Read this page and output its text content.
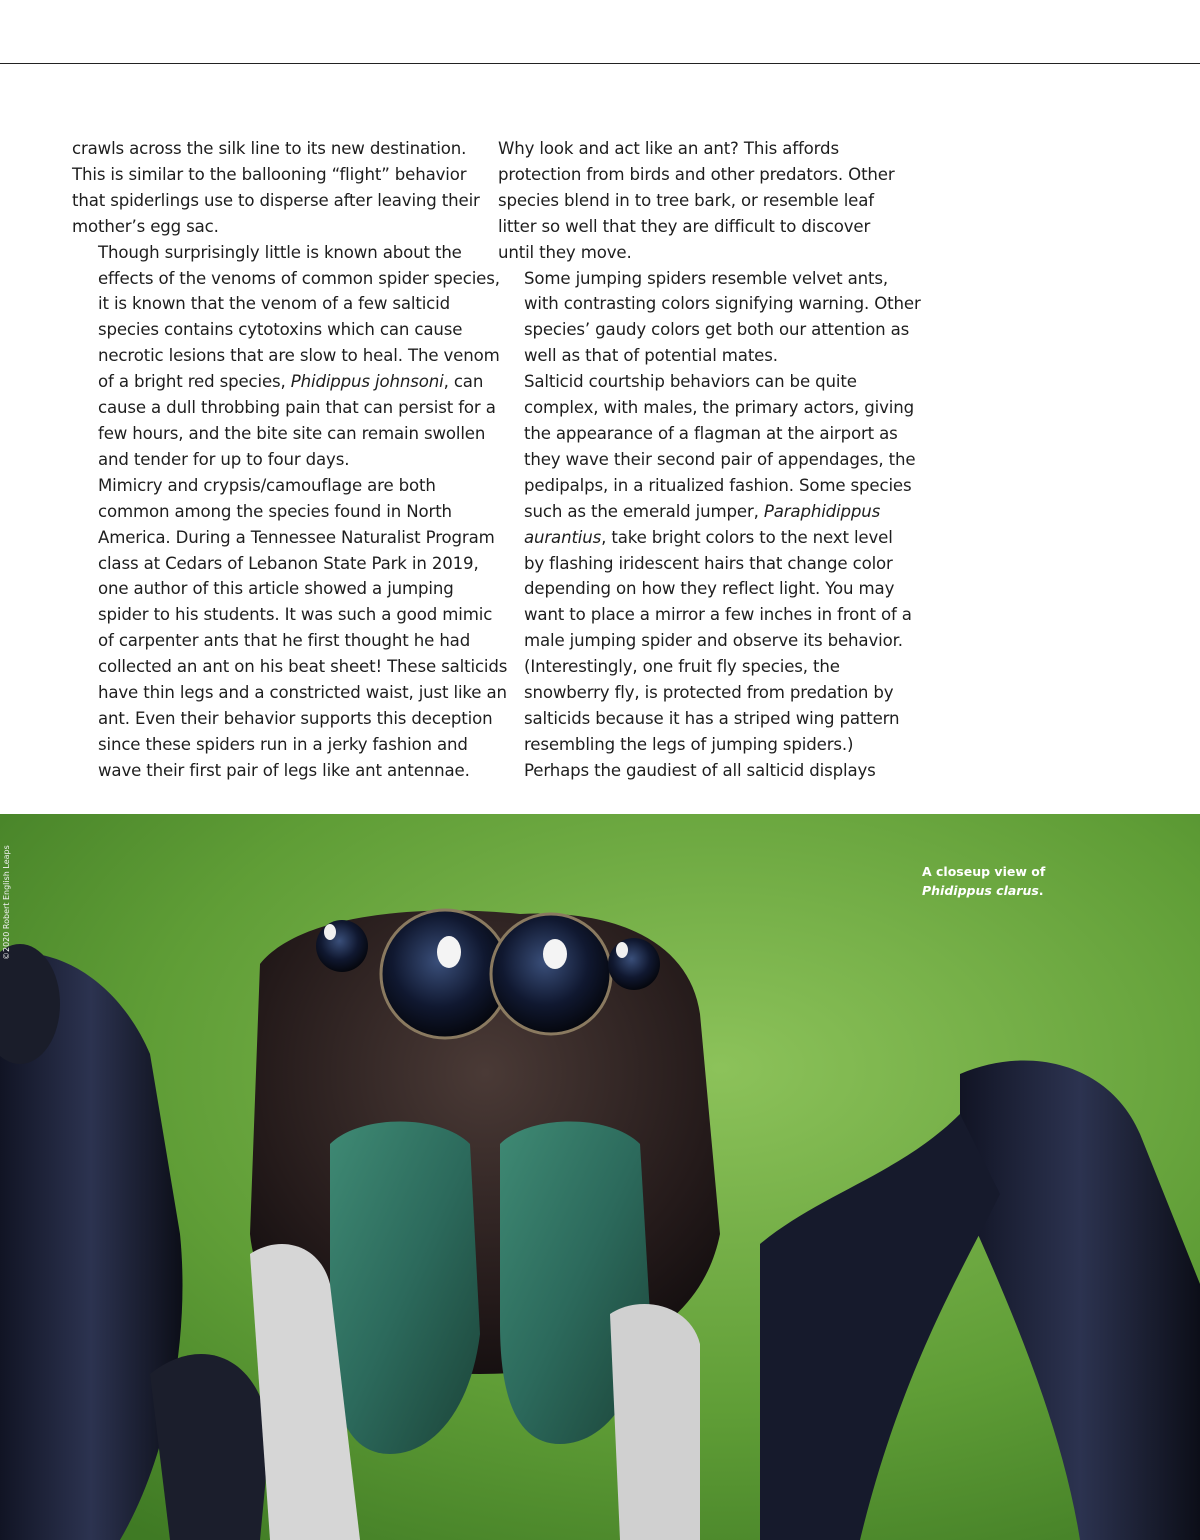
crawls across the silk line to its new destination.
This is similar to the ballooning “flight” behavior
that spiderlings use to disperse after leaving their
mother’s egg sac.

Though surprisingly little is known about the
effects of the venoms of common spider species,
it is known that the venom of a few salticid
species contains cytotoxins which can cause
necrotic lesions that are slow to heal. The venom
of a bright red species, Phidippus johnsoni, can
cause a dull throbbing pain that can persist for a
few hours, and the bite site can remain swollen
and tender for up to four days.

Mimicry and crypsis/camouflage are both
common among the species found in North
America. During a Tennessee Naturalist Program
class at Cedars of Lebanon State Park in 2019,
one author of this article showed a jumping
spider to his students. It was such a good mimic
of carpenter ants that he first thought he had
collected an ant on his beat sheet! These salticids
have thin legs and a constricted waist, just like an
ant. Even their behavior supports this deception
since these spiders run in a jerky fashion and
wave their first pair of legs like ant antennae.

Why look and act like an ant? This affords
protection from birds and other predators. Other
species blend in to tree bark, or resemble leaf
litter so well that they are difficult to discover
until they move.

Some jumping spiders resemble velvet ants,
with contrasting colors signifying warning. Other
species’ gaudy colors get both our attention as
well as that of potential mates.

Salticid courtship behaviors can be quite
complex, with males, the primary actors, giving
the appearance of a flagman at the airport as
they wave their second pair of appendages, the
pedipalps, in a ritualized fashion. Some species
such as the emerald jumper, Paraphidippus
aurantius, take bright colors to the next level
by flashing iridescent hairs that change color
depending on how they reflect light. You may
want to place a mirror a few inches in front of a
male jumping spider and observe its behavior.

(Interestingly, one fruit fly species, the
snowberry fly, is protected from predation by
salticids because it has a striped wing pattern
resembling the legs of jumping spiders.)

Perhaps the gaudiest of all salticid displays

A closeup view of
Phidippus clarus.
©2020 Robert English Leaps
